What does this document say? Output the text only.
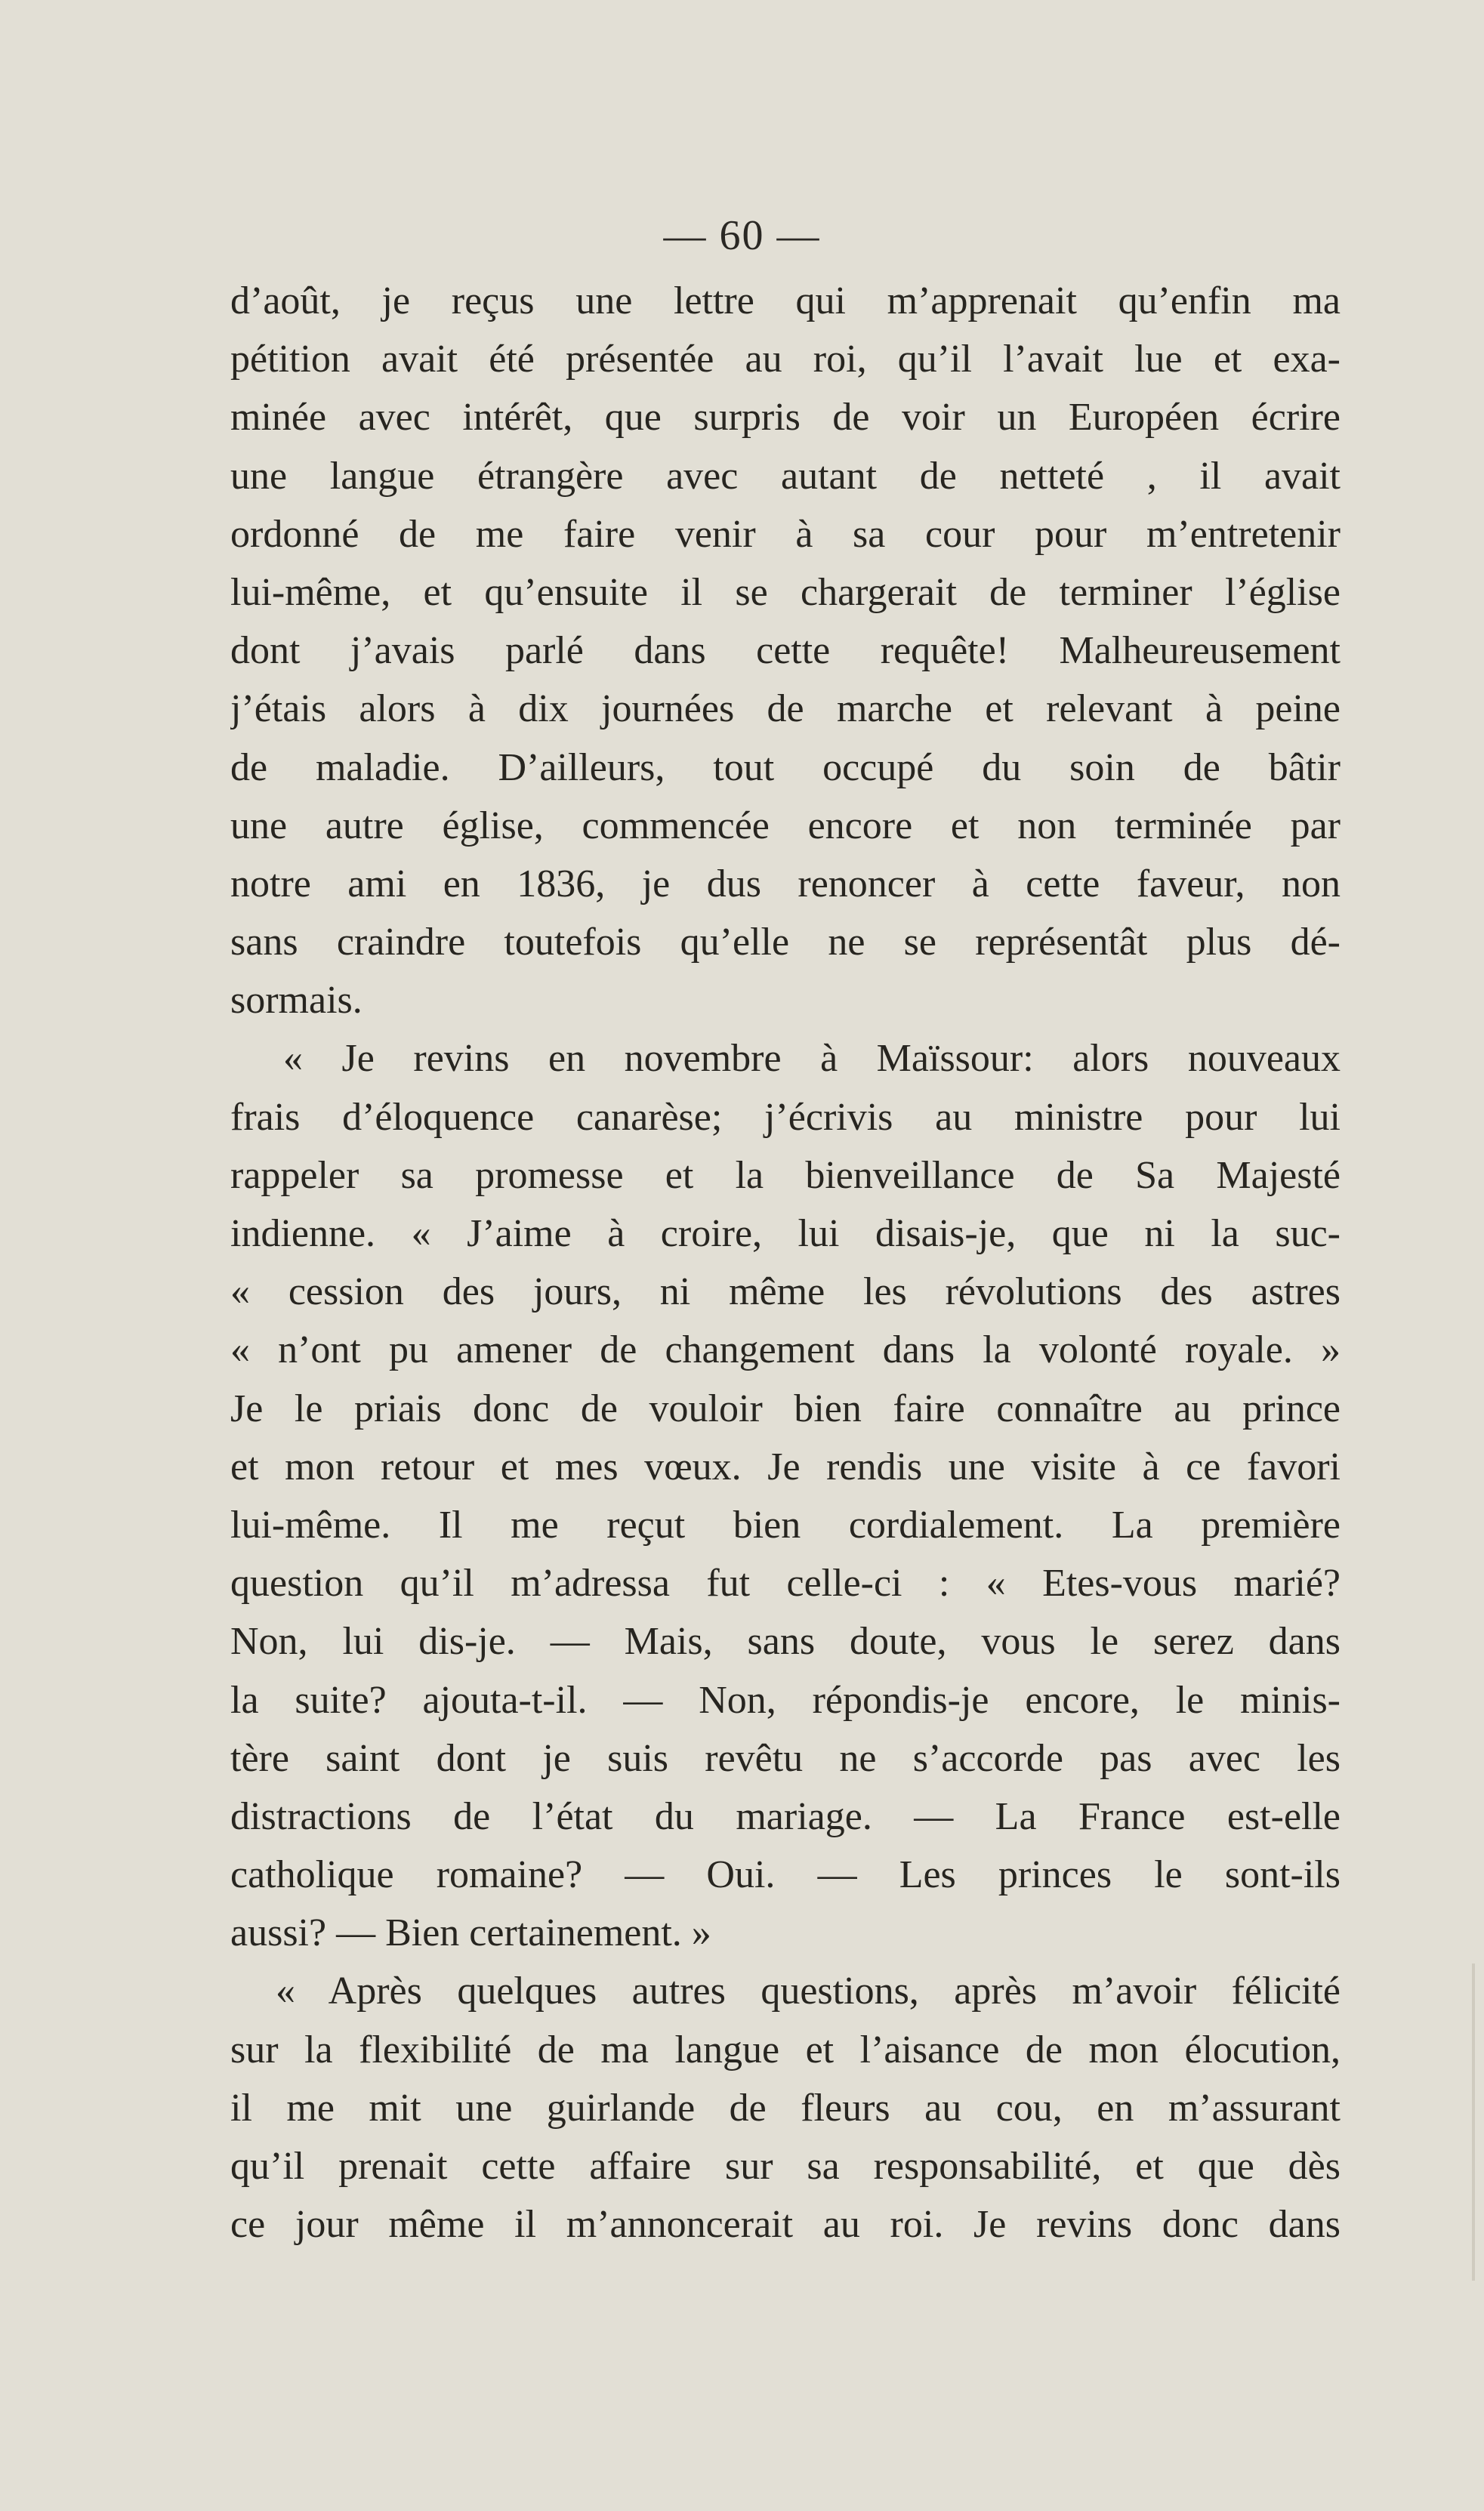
— 60 —
d’août, je reçus une lettre qui m’apprenait qu’enfin ma
pétition avait été présentée au roi, qu’il l’avait lue et exa-
minée avec intérêt, que surpris de voir un Européen écrire
une langue étrangère avec autant de netteté , il avait
ordonné de me faire venir à sa cour pour m’entretenir
lui-même, et qu’ensuite il se chargerait de terminer l’église
dont j’avais parlé dans cette requête! Malheureusement
j’étais alors à dix journées de marche et relevant à peine
de maladie. D’ailleurs, tout occupé du soin de bâtir
une autre église, commencée encore et non terminée par
notre ami en 1836, je dus renoncer à cette faveur, non
sans craindre toutefois qu’elle ne se représentât plus dé-
sormais.
« Je revins en novembre à Maïssour: alors nouveaux
frais d’éloquence canarèse; j’écrivis au ministre pour lui
rappeler sa promesse et la bienveillance de Sa Majesté
indienne. « J’aime à croire, lui disais-je, que ni la suc-
« cession des jours, ni même les révolutions des astres
« n’ont pu amener de changement dans la volonté royale. »
Je le priais donc de vouloir bien faire connaître au prince
et mon retour et mes vœux. Je rendis une visite à ce favori
lui-même. Il me reçut bien cordialement. La première
question qu’il m’adressa fut celle-ci : « Etes-vous marié?
Non, lui dis-je. — Mais, sans doute, vous le serez dans
la suite? ajouta-t-il. — Non, répondis-je encore, le minis-
tère saint dont je suis revêtu ne s’accorde pas avec les
distractions de l’état du mariage. — La France est-elle
catholique romaine? — Oui. — Les princes le sont-ils
aussi? — Bien certainement. »
« Après quelques autres questions, après m’avoir félicité
sur la flexibilité de ma langue et l’aisance de mon élocution,
il me mit une guirlande de fleurs au cou, en m’assurant
qu’il prenait cette affaire sur sa responsabilité, et que dès
ce jour même il m’annoncerait au roi. Je revins donc dans
